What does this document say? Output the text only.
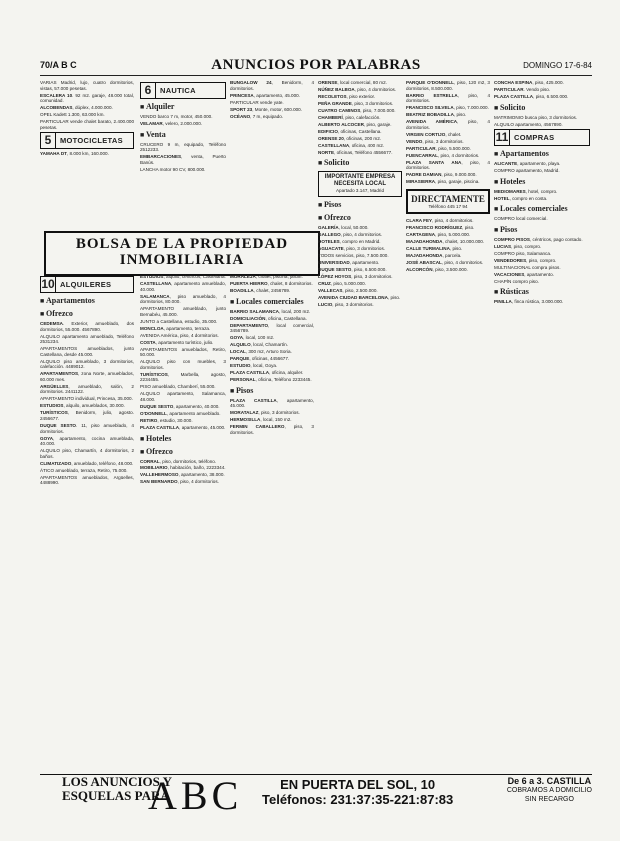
70/A B C	ANUNCIOS POR PALABRAS	DOMINGO 17-6-84

VARIAS Madrid, lujo, cuatro dormitorios, vistas, 57.000 pesetas.

ESCALERA 10. 92 m2. garaje, 48.000 total, comunidad.

ALCOBENDAS, dúplex, 4.000.000.

OPEL Kadett 1.300, 63.000 km.

PARTICULAR vende chalet barato, 2.400.000 pesetas.

5	MOTOCICLETAS

YAMAHA DT, 8.000 km, 160.000.

6	NAUTICA
■ Alquiler

VENDO barco 7 m, motor, 450.000.

VELAMAR, velero, 2.000.000.

■ Venta

CRUCERO 9 m, equipado, Teléfono 2512233.

EMBARCACIONES, venta, Puerto Banús.

LANCHA motor 90 CV, 800.000.

BUNGALOW 24, Benidorm, 4 dormitorios.

PRINCESA, apartamento, 45.000.

PARTICULAR vende yate.

SPORT 23, Monte, motor, 600.000.

OCÉANO, 7 m, equipado.

BOLSA DE LA PROPIEDAD
INMOBILIARIA
10 ALQUILERES
■ Apartamentos
■ Ofrezco

CEDEMSA. Exterior, amueblado, dos dormitorios, 55.000. 4567890.

ALQUILO apartamento amueblado, Teléfono 2531234.

APARTAMENTOS amueblados, junto Castellana, desde 45.000.

ALQUILO piso amueblado, 3 dormitorios, calefacción. 4489012.

APARTAMENTOS, zona Norte, amueblados, 60.000 mes.

ARGÜELLES, amueblado, salón, 2 dormitorios. 2441122.

APARTAMENTO individual, Princesa, 35.000.

ESTUDIOS, alquilo, amueblados, 30.000.

TURÍSTICOS, Benidorm, julio, agosto. 2456677.

DUQUE SESTO. 11, piso amueblado, 4 dormitorios.

GOYA, apartamento, cocina amueblada, 40.000.

ALQUILO piso, Chamartín, 4 dormitorios, 2 baños.

CLIMATIZADO, amueblado, teléfono, 48.000.

ÁTICO amueblado, terraza, Retiro, 75.000.

APARTAMENTOS amueblados, Argüelles, 4488990.

ESTUDIOS, alquilo, céntricos, Castellana.

CASTELLANA, apartamento amueblado, 40.000.

SALAMANCA, piso amueblado, 4 dormitorios, 80.000.

APARTAMENTO amueblado, junto Bernabéu, 45.000.

JUNTO a Castellana, estudio, 35.000.

MONCLOA, apartamento, terraza.

AVENIDA América, piso, 4 dormitorios.

COSTA, apartamento turístico, julio.

APARTAMENTOS amueblados, Retiro, 50.000.

ALQUILO piso con muebles, 3 dormitorios.

TURÍSTICOS, Marbella, agosto, 2234455.

PISO amueblado, Chamberí, 55.000.

ALQUILO apartamento, Salamanca, 48.000.

DUQUE SESTO, apartamento, 40.000.

O'DONNELL, apartamento amueblado.

RETIRO, estudio, 30.000.

PLAZA CASTILLA, apartamento, 45.000.

■ Hoteles
■ Ofrezco

CORRAL, piso, dormitorios, teléfono.

MOBILIARIO, habitación, baño, 2223344.

VALLEHERMOSO, apartamento, 38.000.

SAN BERNARDO, piso, 4 dormitorios.

MORALEJA, chalet, piscina, jardín.

PUERTA HIERRO, chalet, 8 dormitorios.

BOADILLA, chalet, 2456789.

■ Locales comerciales

BARRIO SALAMANCA, local, 200 m2.

DOMICILIACIÓN, oficina, Castellana.

DEPARTAMENTO, local comercial, 3456789.

GOYA, local, 100 m2.

ALQUILO, local, Chamartín.

LOCAL, 300 m2, Arturo Soria.

PARQUE, oficinas, 4456677.

ESTUDIO, local, Goya.

PLAZA CASTILLA, oficina, alquiler.

PERSONAL, oficina, Teléfono 2233445.

■ Pisos

PLAZA CASTILLA, apartamento, 45.000.

MORATALAZ, piso, 3 dormitorios.

HERMOSILLA, local, 150 m2.

FERMIN CABALLERO, piso, 3 dormitorios.

ORENSE, local comercial, 80 m2.

NÚÑEZ BALBOA, piso, 4 dormitorios.

RECOLETOS, piso exterior.

PEÑA GRANDE, piso, 3 dormitorios.

CUATRO CAMINOS, piso, 7.000.000.

CHAMBERÍ, piso, calefacción.

ALBERTO ALCOCER, piso, garaje.

EDIFICIO, oficinas, Castellana.

ORENSE 20, oficinas, 200 m2.

CASTELLANA, oficina, 400 m2.

NORTE, oficinas, Teléfono 4556677.

■ Solicito
IMPORTANTE EMPRESA NECESITA LOCAL
Apartado 3.147, Madrid
■ Pisos
■ Ofrezco

GALERÍA, local, 50.000.

GALLEGO, piso, 4 dormitorios.

HOTELES, compro en Madrid.

AGUACATE, piso, 3 dormitorios.

TODOS servicios, piso, 7.500.000.

UNIVERSIDAD, apartamento.

DUQUE SESTO, piso, 6.500.000.

LÓPEZ HOYOS, piso, 3 dormitorios.

CRUZ, piso, 5.000.000.

VALLECAS, piso, 2.500.000.

AVENIDA CIUDAD BARCELONA, piso.

LUCIO, piso, 3 dormitorios.

PARQUE O'DONNELL, piso, 120 m2, 3 dormitorios, 8.500.000.

BARRIO ESTRELLA, piso, 4 dormitorios.

FRANCISCO SILVELA, piso, 7.000.000.

BEATRIZ BOBADILLA, piso.

AVENIDA AMÉRICA, piso, 4 dormitorios.

VIRGEN CORTIJO, chalet.

VENDO, piso, 3 dormitorios.

PARTICULAR, piso, 5.500.000.

FUENCARRAL, piso, 4 dormitorios.

PLAZA SANTA ANA, piso, 4 dormitorios.

PADRE DAMIAN, piso, 9.000.000.

MIRASIERRA, piso, garaje, piscina.

DIRECTAMENTE
Teléfono 445 17 94

CLARA FEY, piso, 4 dormitorios.

FRANCISCO RODRÍGUEZ, piso.

CARTAGENA, piso, 5.000.000.

MAJADAHONDA, chalet, 10.000.000.

CALLE TURMALINA, piso.

MAJADAHONDA, parcela.

JOSÉ ABASCAL, piso, 4 dormitorios.

ALCORCÓN, piso, 3.500.000.

CONCHA ESPINA, piso, 425.000.

PARTICULAR. Vendo piso.

PLAZA CASTILLA, piso, 6.500.000.

■ Solicito

MATRIMONIO busca piso, 3 dormitorios.

ALQUILO apartamento, 4567890.

11 COMPRAS
■ Apartamentos

ALICANTE, apartamento, playa.

COMPRO apartamento, Madrid.

■ Hoteles

MEDIOMARES, hotel, compro.

HOTEL, compro en costa.

■ Locales comerciales

COMPRO local comercial.

■ Pisos

COMPRO PISOS, céntricos, pago contado.

LUCIAS, piso, compro.

COMPRO piso, Salamanca.

VENDEDORES, piso, compro.

MULTINACIONAL compra pisos.

VACACIONES, apartamento.

CHAPÍN compro piso.

■ Rústicas

PINILLA, finca rústica, 3.000.000.

LOS ANUNCIOS Y
ESQUELAS PARA
ABC	EN PUERTA DEL SOL, 10
Teléfonos: 231:37:35-221:87:83
De 6 a 3. CASTILLA
COBRAMOS A DOMICILIO
SIN RECARGO
